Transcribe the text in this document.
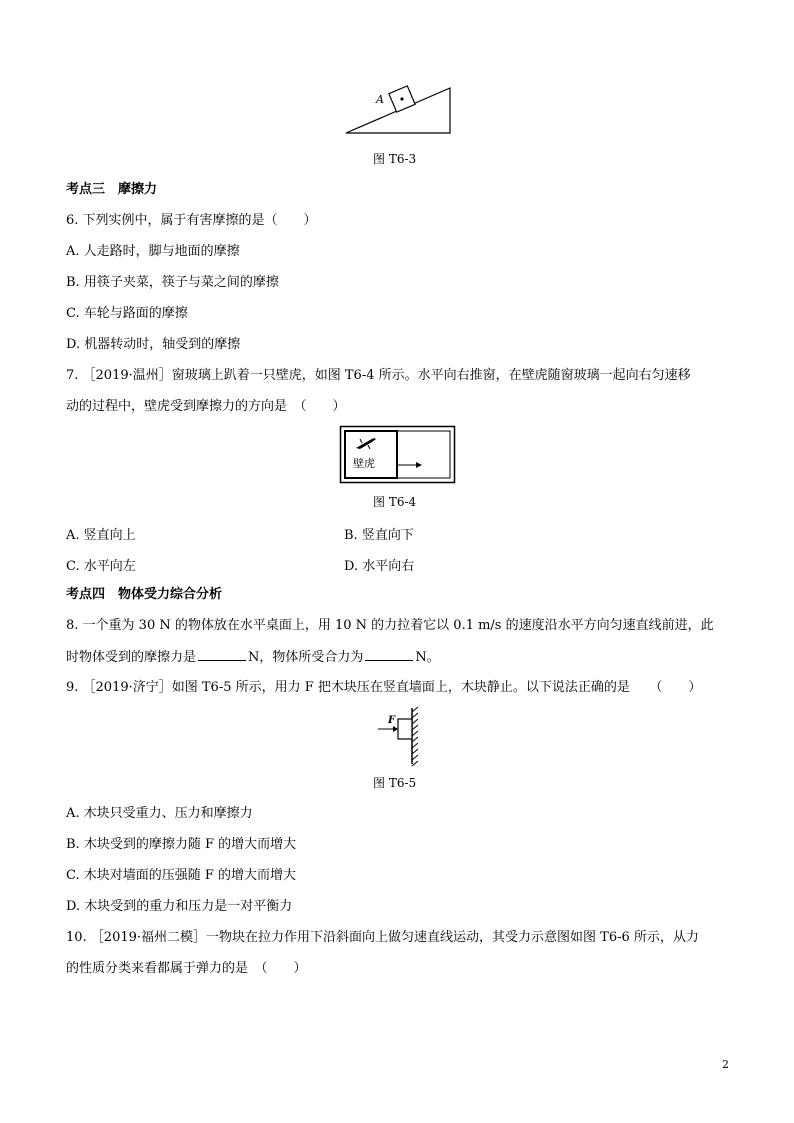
A
图 T6-3
考点三　摩擦力
6. 下列实例中，属于有害摩擦的是（　　）
A. 人走路时，脚与地面的摩擦
B. 用筷子夹菜，筷子与菜之间的摩擦
C. 车轮与路面的摩擦
D. 机器转动时，轴受到的摩擦
7. ［2019·温州］窗玻璃上趴着一只壁虎，如图 T6-4 所示。水平向右推窗，在壁虎随窗玻璃一起向右匀速移
动的过程中，壁虎受到摩擦力的方向是　（　　）
壁虎
图 T6-4
A. 竖直向上	B. 竖直向下
C. 水平向左	D. 水平向右
考点四　物体受力综合分析
8. 一个重为 30 N 的物体放在水平桌面上，用 10 N 的力拉着它以 0.1 m/s 的速度沿水平方向匀速直线前进，此
时物体受到的摩擦力是	N，物体所受合力为	N。
9. ［2019·济宁］如图 T6-5 所示，用力 F 把木块压在竖直墙面上，木块静止。以下说法正确的是　　（　　）
F
图 T6-5
A. 木块只受重力、压力和摩擦力
B. 木块受到的摩擦力随 F 的增大而增大
C. 木块对墙面的压强随 F 的增大而增大
D. 木块受到的重力和压力是一对平衡力
10. ［2019·福州二模］一物块在拉力作用下沿斜面向上做匀速直线运动，其受力示意图如图 T6-6 所示，从力
的性质分类来看都属于弹力的是　（　　）
2
